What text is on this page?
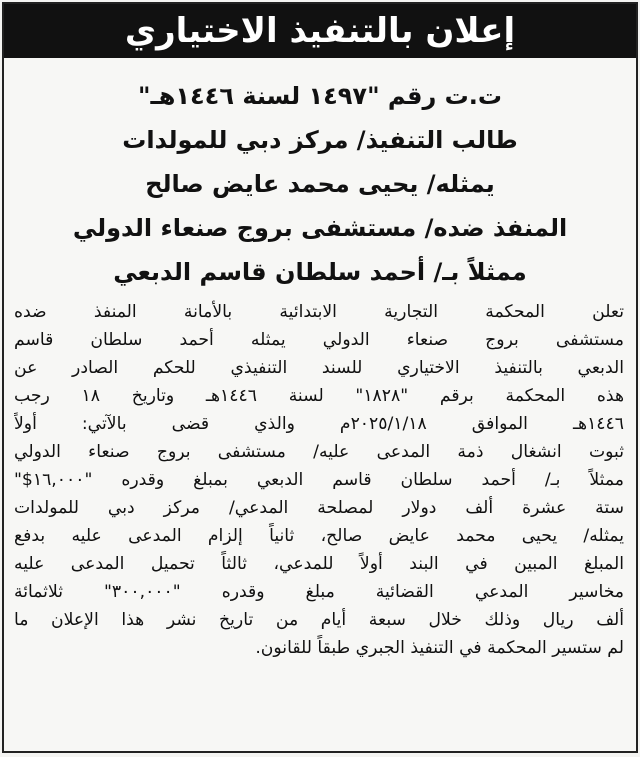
إعلان بالتنفيذ الاختياري
ت.ت رقم "١٤٩٧ لسنة ١٤٤٦هـ"
طالب التنفيذ/ مركز دبي للمولدات
يمثله/ يحيى محمد عايض صالح
المنفذ ضده/ مستشفى بروج صنعاء الدولي
ممثلاً بـ/ أحمد سلطان قاسم الدبعي
تعلن المحكمة التجارية الابتدائية بالأمانة المنفذ ضده
مستشفى بروج صنعاء الدولي يمثله أحمد سلطان قاسم
الدبعي بالتنفيذ الاختياري للسند التنفيذي للحكم الصادر عن
هذه المحكمة برقم "١٨٢٨" لسنة ١٤٤٦هـ وتاريخ ١٨ رجب
١٤٤٦هـ الموافق ٢٠٢٥/١/١٨م والذي قضى بالآتي: أولاً
ثبوت انشغال ذمة المدعى عليه/ مستشفى بروج صنعاء الدولي
ممثلاً بـ/ أحمد سلطان قاسم الدبعي بمبلغ وقدره "١٦,٠٠٠$"
ستة عشرة ألف دولار لمصلحة المدعي/ مركز دبي للمولدات
يمثله/ يحيى محمد عايض صالح، ثانياً إلزام المدعى عليه بدفع
المبلغ المبين في البند أولاً للمدعي، ثالثاً تحميل المدعى عليه
مخاسير المدعي القضائية مبلغ وقدره "٣٠٠,٠٠٠" ثلاثمائة
ألف ريال وذلك خلال سبعة أيام من تاريخ نشر هذا الإعلان ما
لم ستسير المحكمة في التنفيذ الجبري طبقاً للقانون.
